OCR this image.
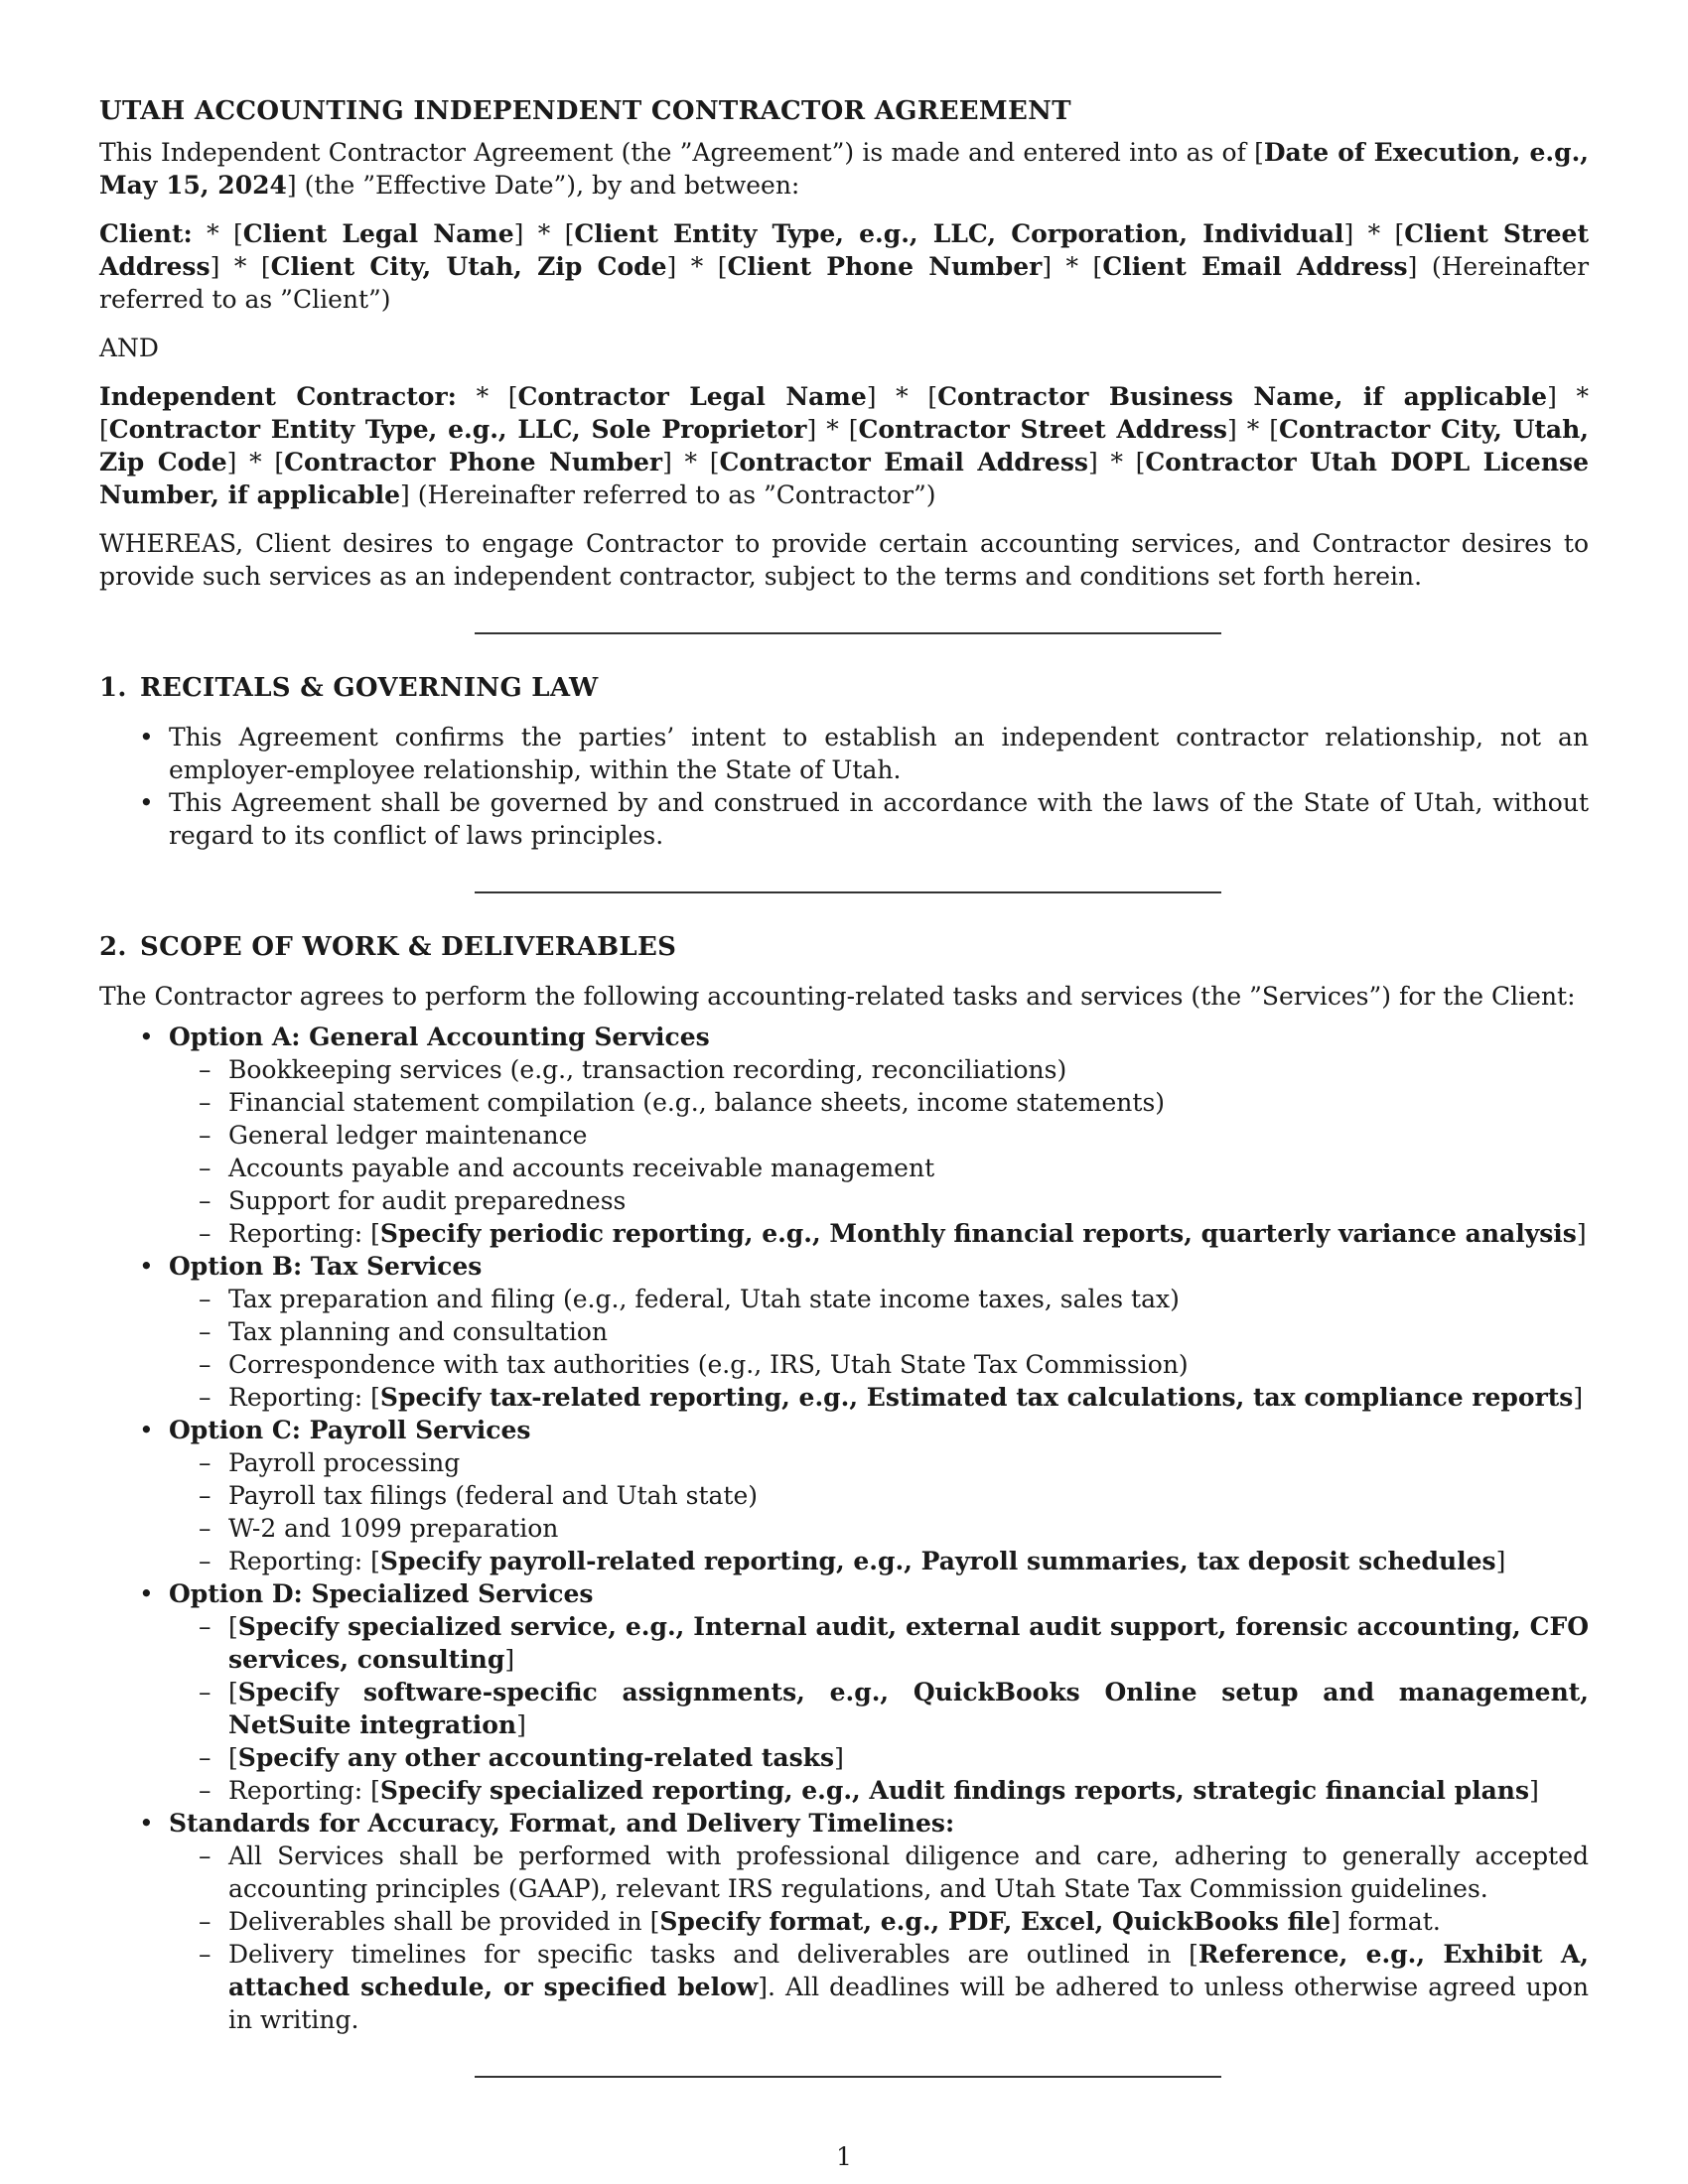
UTAH ACCOUNTING INDEPENDENT CONTRACTOR AGREEMENT

This Independent Contractor Agreement (the ”Agreement”) is made and entered into as of [Date of Execution, e.g., May 15, 2024] (the ”Effective Date”), by and between:

Client: * [Client Legal Name] * [Client Entity Type, e.g., LLC, Corporation, Individual] * [Client Street Address] * [Client City, Utah, Zip Code] * [Client Phone Number] * [Client Email Address] (Hereinafter referred to as ”Client”)

AND

Independent Contractor: * [Contractor Legal Name] * [Contractor Business Name, if applicable] * [Contractor Entity Type, e.g., LLC, Sole Proprietor] * [Contractor Street Address] * [Contractor City, Utah, Zip Code] * [Contractor Phone Number] * [Contractor Email Address] * [Contractor Utah DOPL License Number, if applicable] (Hereinafter referred to as ”Contractor”)

WHEREAS, Client desires to engage Contractor to provide certain accounting services, and Contractor desires to provide such services as an independent contractor, subject to the terms and conditions set forth herein.

1. RECITALS & GOVERNING LAW
• This Agreement confirms the parties’ intent to establish an independent contractor relationship, not an employer-employee relationship, within the State of Utah.
• This Agreement shall be governed by and construed in accordance with the laws of the State of Utah, without regard to its conflict of laws principles.
2. SCOPE OF WORK & DELIVERABLES

The Contractor agrees to perform the following accounting-related tasks and services (the ”Services”) for the Client:

• Option A: General Accounting Services
– Bookkeeping services (e.g., transaction recording, reconciliations)
– Financial statement compilation (e.g., balance sheets, income statements)
– General ledger maintenance
– Accounts payable and accounts receivable management
– Support for audit preparedness
– Reporting: [Specify periodic reporting, e.g., Monthly financial reports, quarterly variance analysis]
• Option B: Tax Services
– Tax preparation and filing (e.g., federal, Utah state income taxes, sales tax)
– Tax planning and consultation
– Correspondence with tax authorities (e.g., IRS, Utah State Tax Commission)
– Reporting: [Specify tax-related reporting, e.g., Estimated tax calculations, tax compliance reports]
• Option C: Payroll Services
– Payroll processing
– Payroll tax filings (federal and Utah state)
– W-2 and 1099 preparation
– Reporting: [Specify payroll-related reporting, e.g., Payroll summaries, tax deposit schedules]
• Option D: Specialized Services
– [Specify specialized service, e.g., Internal audit, external audit support, forensic accounting, CFO services, consulting]
– [Specify software-specific assignments, e.g., QuickBooks Online setup and management, NetSuite integration]
– [Specify any other accounting-related tasks]
– Reporting: [Specify specialized reporting, e.g., Audit findings reports, strategic financial plans]
• Standards for Accuracy, Format, and Delivery Timelines:
– All Services shall be performed with professional diligence and care, adhering to generally accepted accounting principles (GAAP), relevant IRS regulations, and Utah State Tax Commission guidelines.
– Deliverables shall be provided in [Specify format, e.g., PDF, Excel, QuickBooks file] format.
– Delivery timelines for specific tasks and deliverables are outlined in [Reference, e.g., Exhibit A, attached schedule, or specified below]. All deadlines will be adhered to unless otherwise agreed upon in writing.
1
